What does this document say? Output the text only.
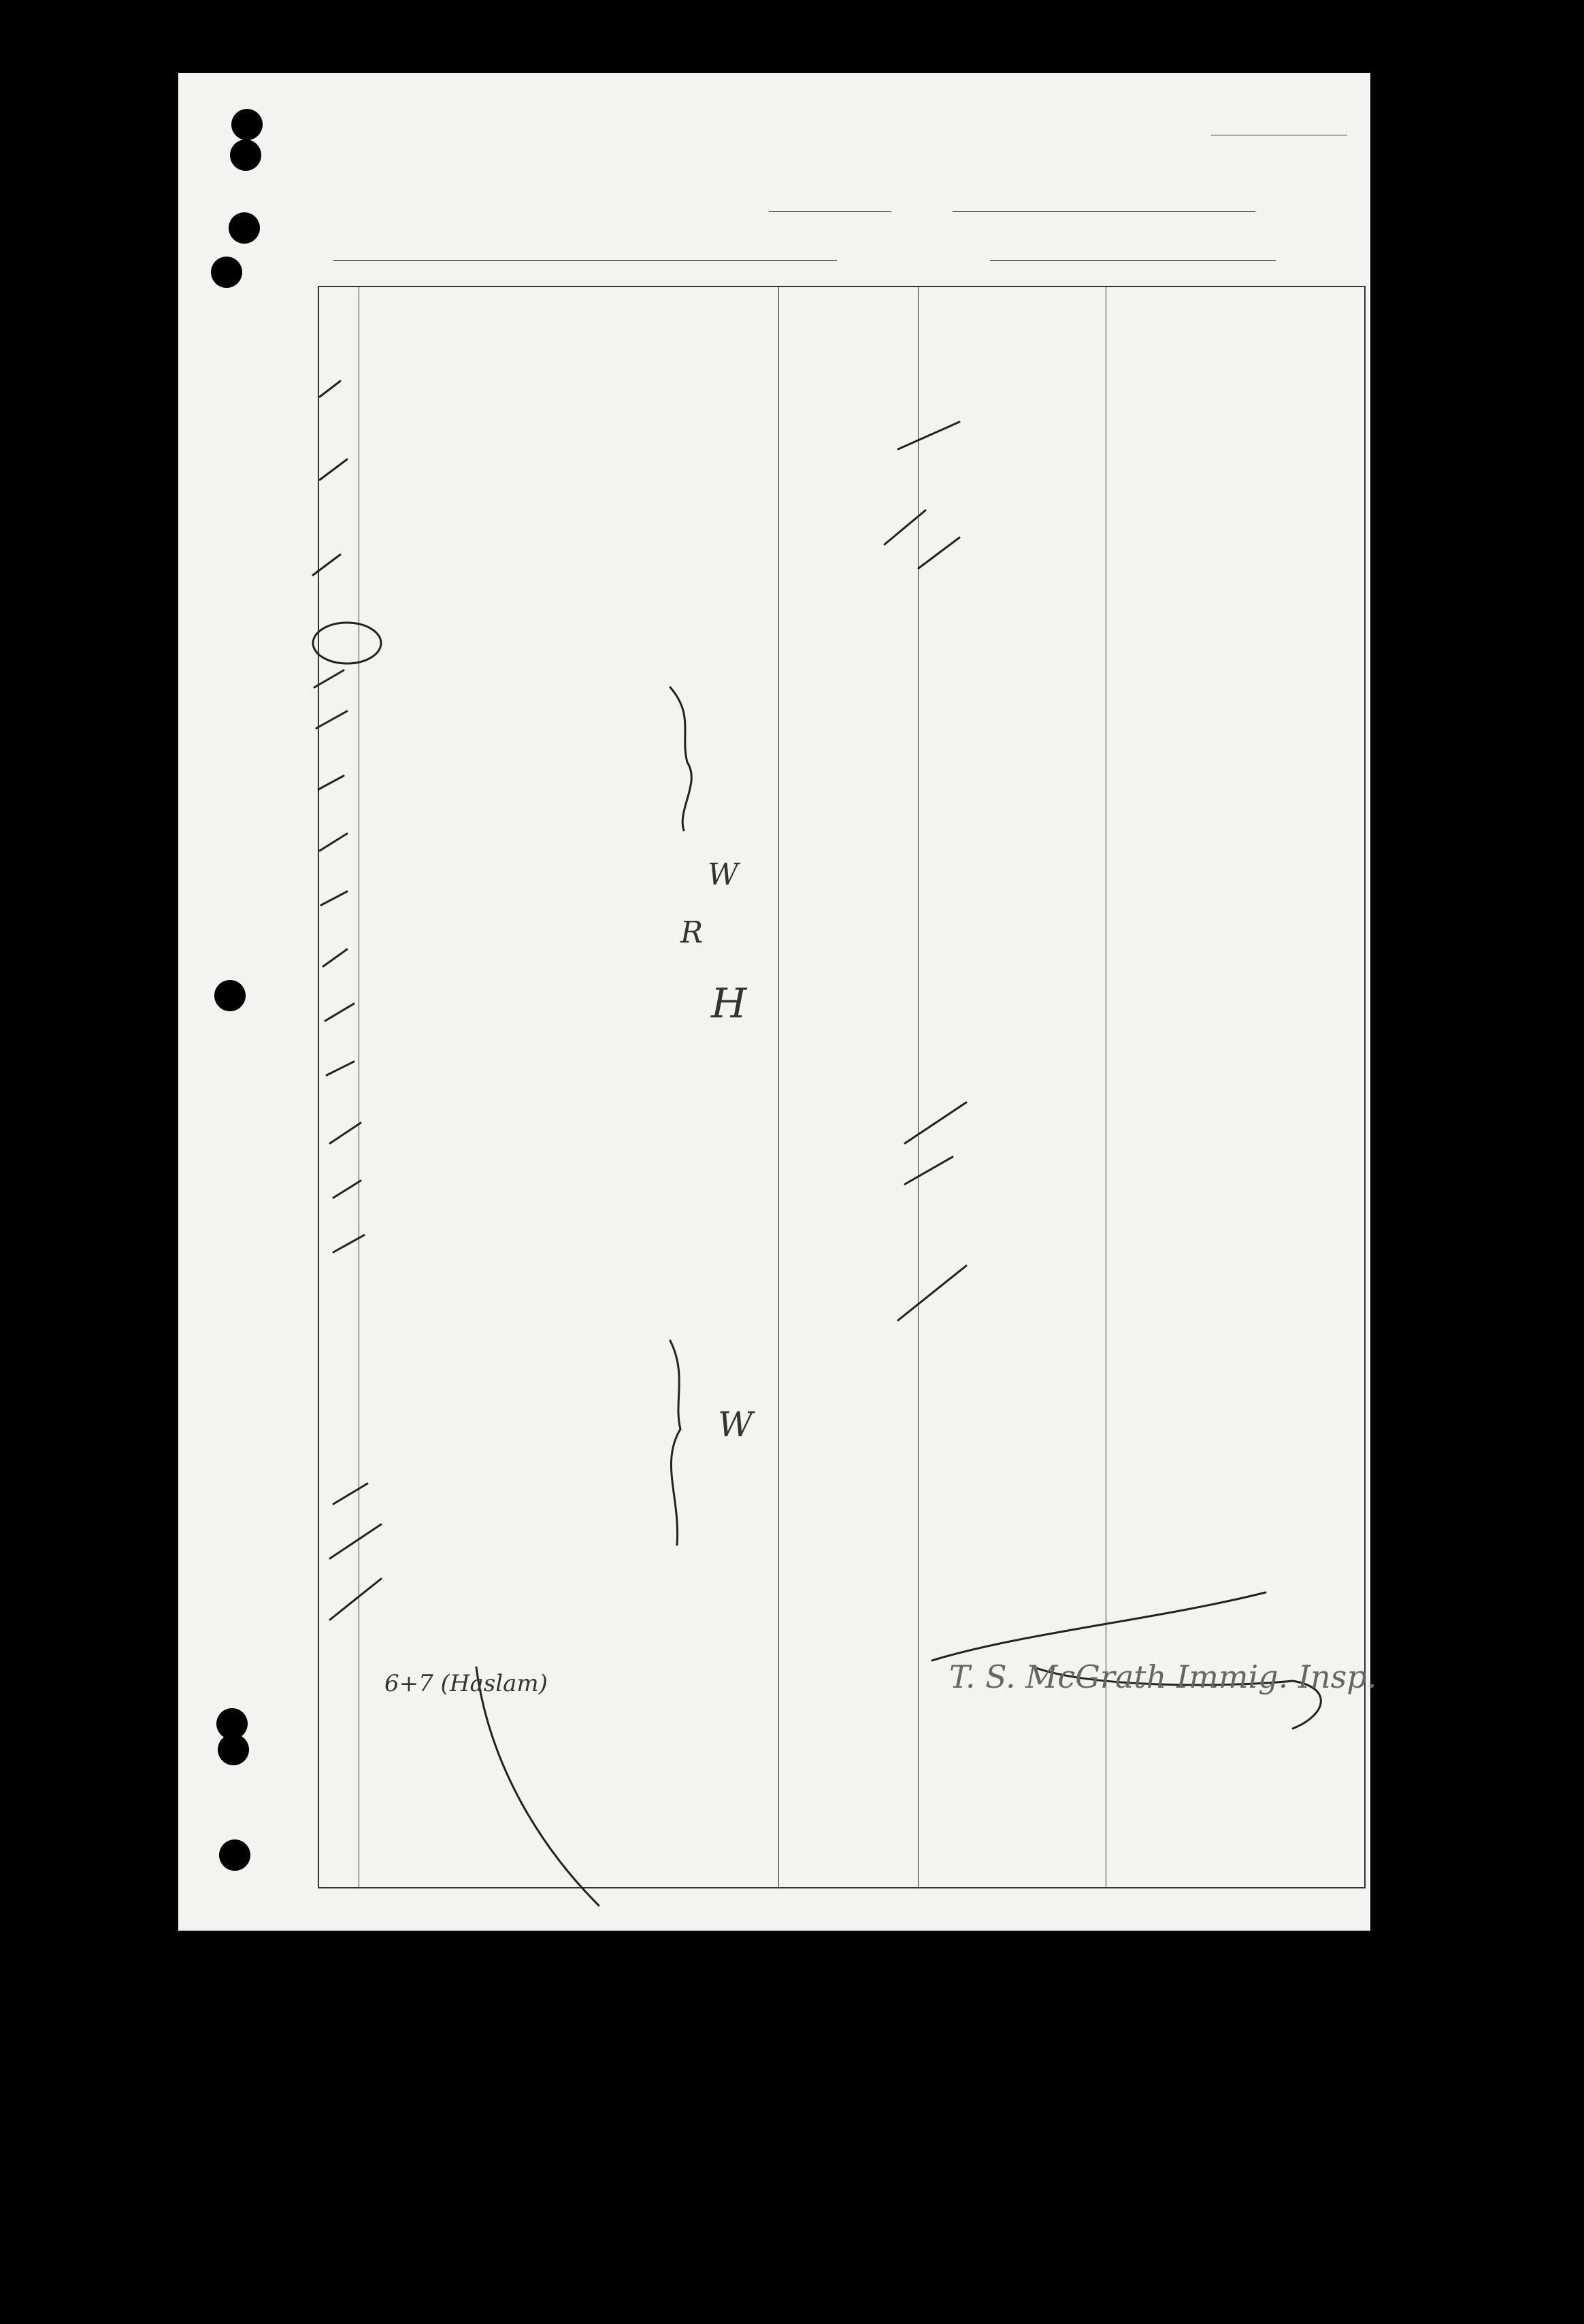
W
R
H
W
6+7 (Haslam)	T. S. McGrath Immig. Insp.
